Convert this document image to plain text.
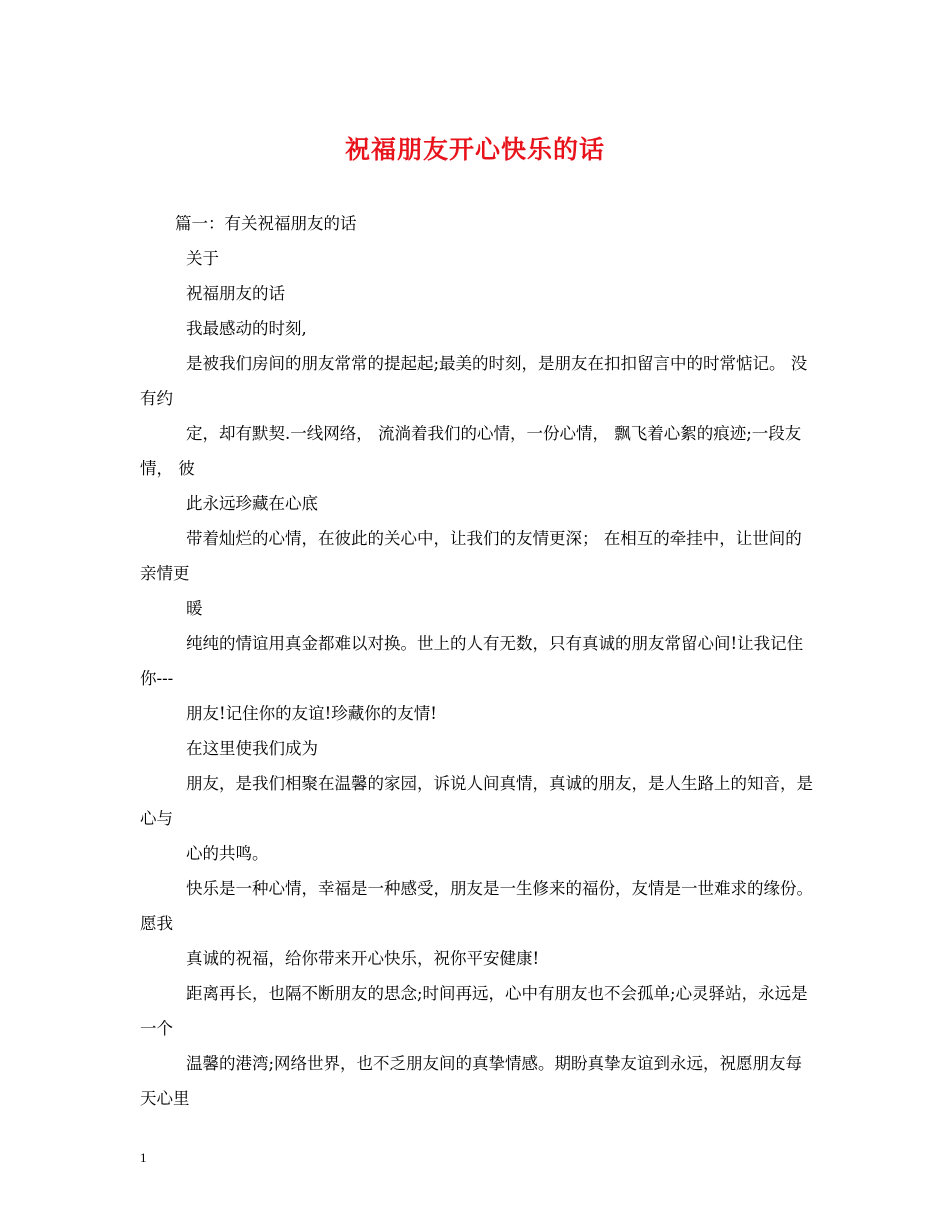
祝福朋友开心快乐的话
篇一：有关祝福朋友的话
关于
祝福朋友的话
我最感动的时刻,
是被我们房间的朋友常常的提起起;最美的时刻，是朋友在扣扣留言中的时常惦记。 没有约
定，却有默契.一线网络， 流淌着我们的心情，一份心情， 飘飞着心絮的痕迹;一段友情， 彼
此永远珍藏在心底
带着灿烂的心情，在彼此的关心中，让我们的友情更深； 在相互的牵挂中，让世间的亲情更
暖
纯纯的情谊用真金都难以对换。世上的人有无数，只有真诚的朋友常留心间!让我记住你---
朋友!记住你的友谊!珍藏你的友情!
在这里使我们成为
朋友，是我们相聚在温馨的家园，诉说人间真情，真诚的朋友，是人生路上的知音，是心与
心的共鸣。
快乐是一种心情，幸福是一种感受，朋友是一生修来的福份，友情是一世难求的缘份。愿我
真诚的祝福，给你带来开心快乐，祝你平安健康!
距离再长，也隔不断朋友的思念;时间再远，心中有朋友也不会孤单;心灵驿站，永远是一个
温馨的港湾;网络世界，也不乏朋友间的真挚情感。期盼真挚友谊到永远，祝愿朋友每天心里
1
